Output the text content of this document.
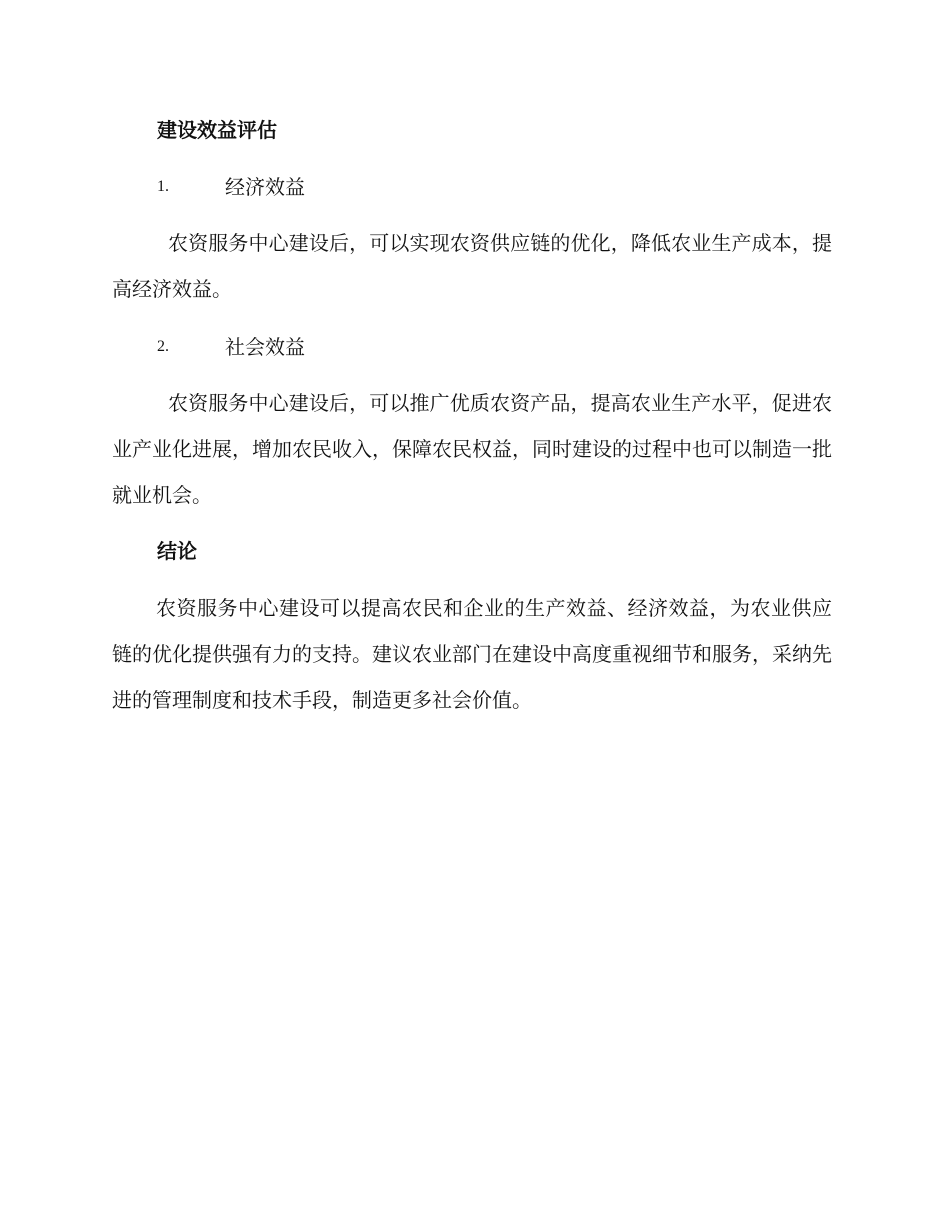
建设效益评估
1.	经济效益

农资服务中心建设后，可以实现农资供应链的优化，降低农业生产成本，提高经济效益。

2.	社会效益

农资服务中心建设后，可以推广优质农资产品，提高农业生产水平，促进农业产业化进展，增加农民收入，保障农民权益，同时建设的过程中也可以制造一批就业机会。

结论

农资服务中心建设可以提高农民和企业的生产效益、经济效益，为农业供应链的优化提供强有力的支持。建议农业部门在建设中高度重视细节和服务，采纳先进的管理制度和技术手段，制造更多社会价值。
